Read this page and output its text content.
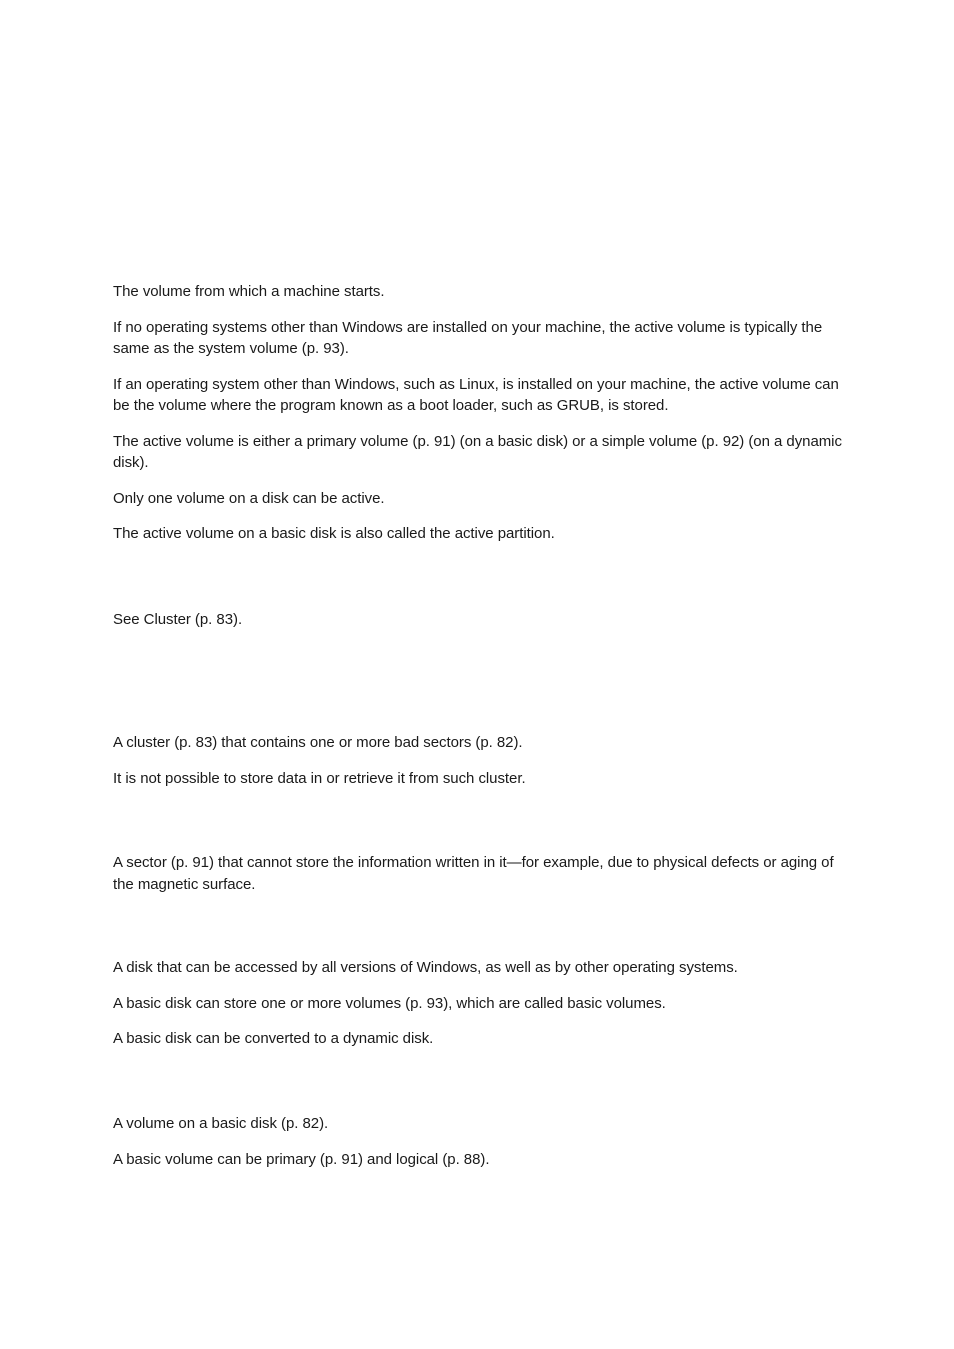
The volume from which a machine starts.

If no operating systems other than Windows are installed on your machine, the active volume is typically the same as the system volume (p. 93).

If an operating system other than Windows, such as Linux, is installed on your machine, the active volume can be the volume where the program known as a boot loader, such as GRUB, is stored.

The active volume is either a primary volume (p. 91) (on a basic disk) or a simple volume (p. 92) (on a dynamic disk).

Only one volume on a disk can be active.

The active volume on a basic disk is also called the active partition.

See Cluster (p. 83).

A cluster (p. 83) that contains one or more bad sectors (p. 82).

It is not possible to store data in or retrieve it from such cluster.

A sector (p. 91) that cannot store the information written in it—for example, due to physical defects or aging of the magnetic surface.

A disk that can be accessed by all versions of Windows, as well as by other operating systems.

A basic disk can store one or more volumes (p. 93), which are called basic volumes.

A basic disk can be converted to a dynamic disk.

A volume on a basic disk (p. 82).

A basic volume can be primary (p. 91) and logical (p. 88).
